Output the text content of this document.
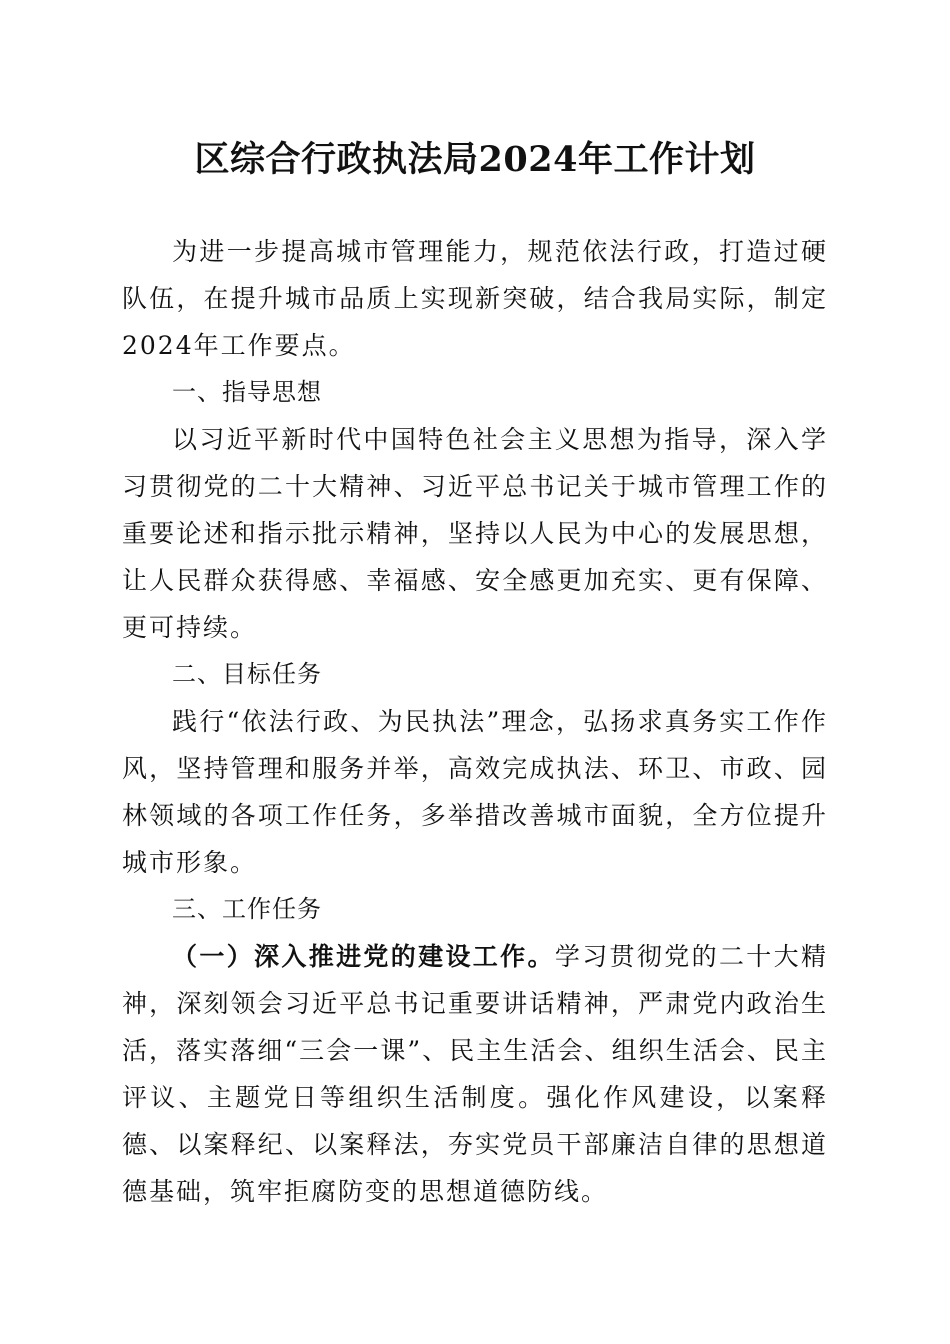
区综合行政执法局2024年工作计划

为进一步提高城市管理能力，规范依法行政，打造过硬队伍，在提升城市品质上实现新突破，结合我局实际，制定2024年工作要点。

一、指导思想

以习近平新时代中国特色社会主义思想为指导，深入学习贯彻党的二十大精神、习近平总书记关于城市管理工作的重要论述和指示批示精神，坚持以人民为中心的发展思想，让人民群众获得感、幸福感、安全感更加充实、更有保障、更可持续。

二、目标任务

践行“依法行政、为民执法”理念，弘扬求真务实工作作风，坚持管理和服务并举，高效完成执法、环卫、市政、园林领域的各项工作任务，多举措改善城市面貌，全方位提升城市形象。

三、工作任务

（一）深入推进党的建设工作。学习贯彻党的二十大精神，深刻领会习近平总书记重要讲话精神，严肃党内政治生活，落实落细“三会一课”、民主生活会、组织生活会、民主评议、主题党日等组织生活制度。强化作风建设，以案释德、以案释纪、以案释法，夯实党员干部廉洁自律的思想道德基础，筑牢拒腐防变的思想道德防线。
